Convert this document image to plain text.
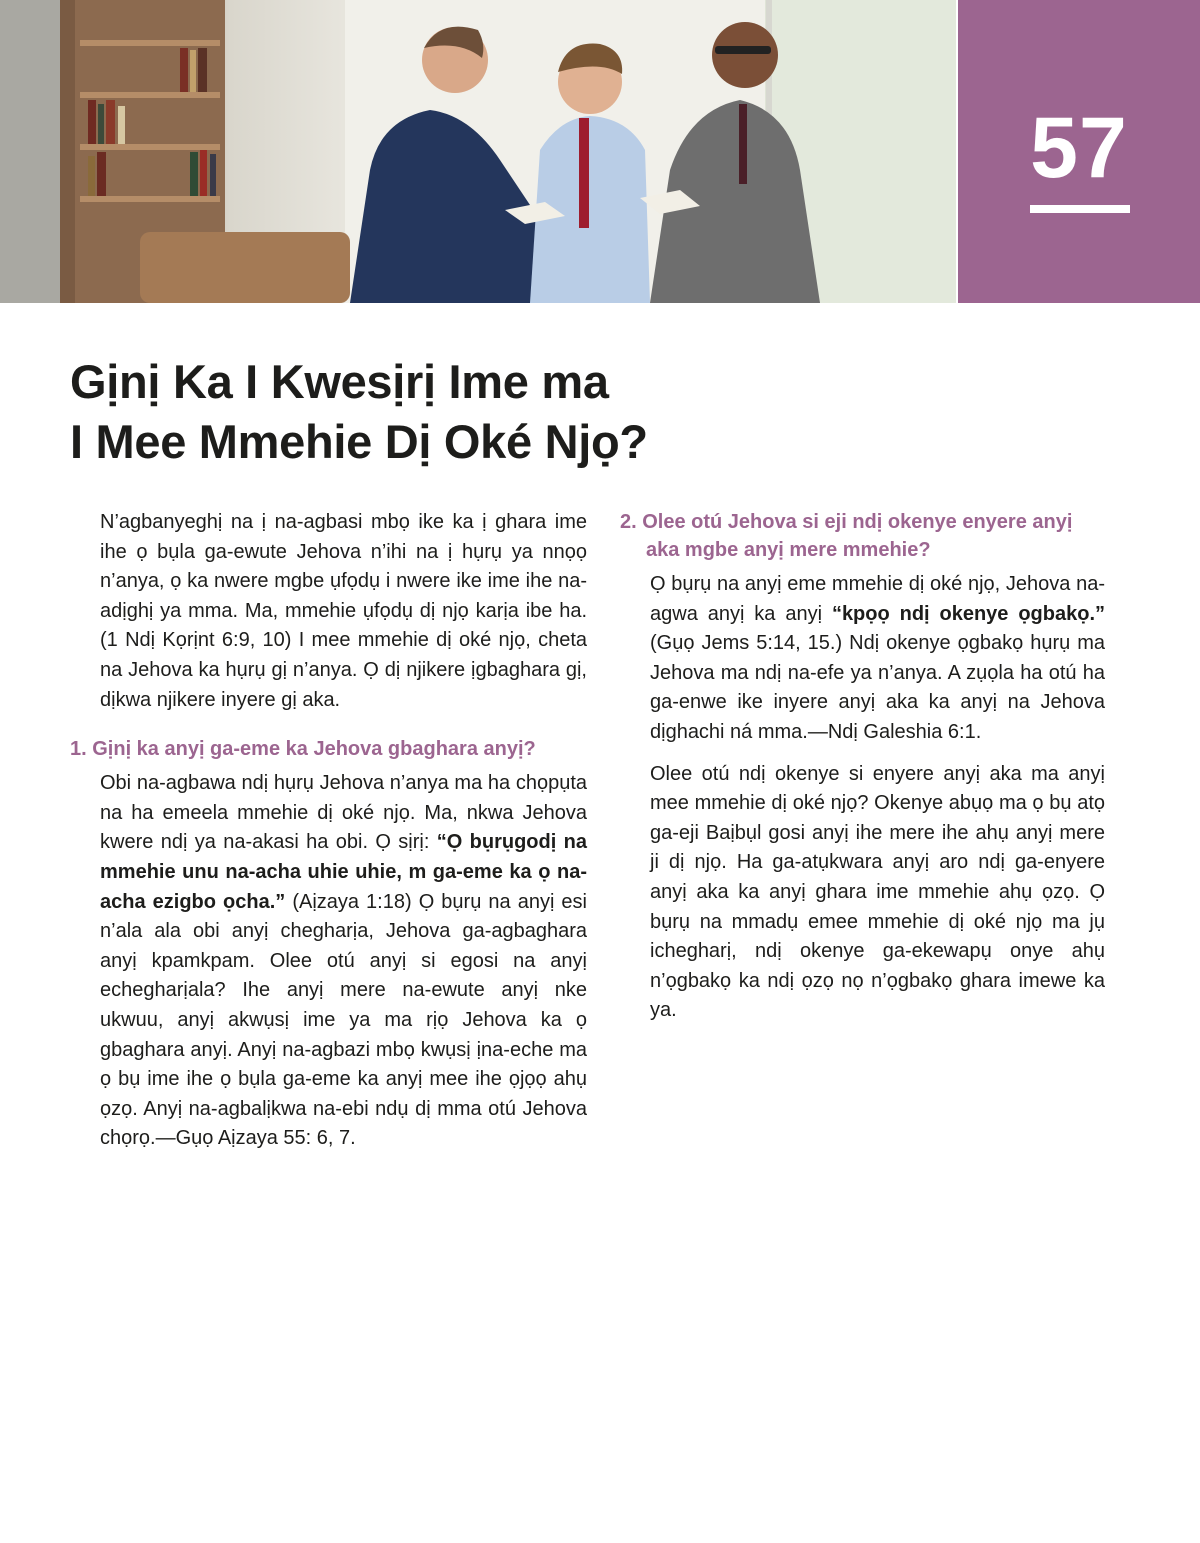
57
Gịnị Ka I Kwesịrị Ime ma
I Mee Mmehie Dị Oké Njọ?

N’agbanyeghị na ị na-agbasi mbọ ike ka ị ghara ime ihe ọ bụla ga-ewute Jehova n’ihi na ị hụrụ ya nnọọ n’anya, ọ ka nwere mgbe ụfọdụ i nwere ike ime ihe na-adịghị ya mma. Ma, mmehie ụfọdụ dị njọ karịa ibe ha. (1 Ndị Kọrịnt 6:9, 10) I mee mmehie dị oké njọ, cheta na Jehova ka hụrụ gị n’anya. Ọ dị njikere ịgbaghara gị, dịkwa njikere inyere gị aka.

1. Gịnị ka anyị ga-eme ka Jehova gbaghara anyị?

Obi na-agbawa ndị hụrụ Jehova n’anya ma ha chọpụta na ha emeela mmehie dị oké njọ. Ma, nkwa Jehova kwere ndị ya na-akasi ha obi. Ọ sịrị: “Ọ bụrụgodị na mmehie unu na-acha uhie uhie, m ga-eme ka ọ na-acha ezigbo ọcha.” (Aịzaya 1:18) Ọ bụrụ na anyị esi n’ala ala obi anyị chegharịa, Jehova ga-agbaghara anyị kpamkpam. Olee otú anyị si egosi na anyị echegharịala? Ihe anyị mere na-ewute anyị nke ukwuu, anyị akwụsị ime ya ma rịọ Jehova ka ọ gbaghara anyị. Anyị na-agbazi mbọ kwụsị ịna-eche ma ọ bụ ime ihe ọ bụla ga-eme ka anyị mee ihe ọjọọ ahụ ọzọ. Anyị na-agbalịkwa na-ebi ndụ dị mma otú Jehova chọrọ.—Gụọ Aịzaya 55: 6, 7.

2. Olee otú Jehova si eji ndị okenye enyere anyị aka mgbe anyị mere mmehie?

Ọ bụrụ na anyị eme mmehie dị oké njọ, Jehova na-agwa anyị ka anyị “kpọọ ndị okenye ọgbakọ.” (Gụọ Jems 5:14, 15.) Ndị okenye ọgbakọ hụrụ ma Jehova ma ndị na-efe ya n’anya. A zụọla ha otú ha ga-enwe ike inyere anyị aka ka anyị na Jehova dịghachi ná mma.—Ndị Galeshia 6:1.

Olee otú ndị okenye si enyere anyị aka ma anyị mee mmehie dị oké njọ? Okenye abụọ ma ọ bụ atọ ga-eji Baịbụl gosi anyị ihe mere ihe ahụ anyị mere ji dị njọ. Ha ga-atụkwara anyị aro ndị ga-enyere anyị aka ka anyị ghara ime mmehie ahụ ọzọ. Ọ bụrụ na mmadụ emee mmehie dị oké njọ ma jụ ichegharị, ndị okenye ga-ekewapụ onye ahụ n’ọgbakọ ka ndị ọzọ nọ n’ọgbakọ ghara imewe ka ya.
